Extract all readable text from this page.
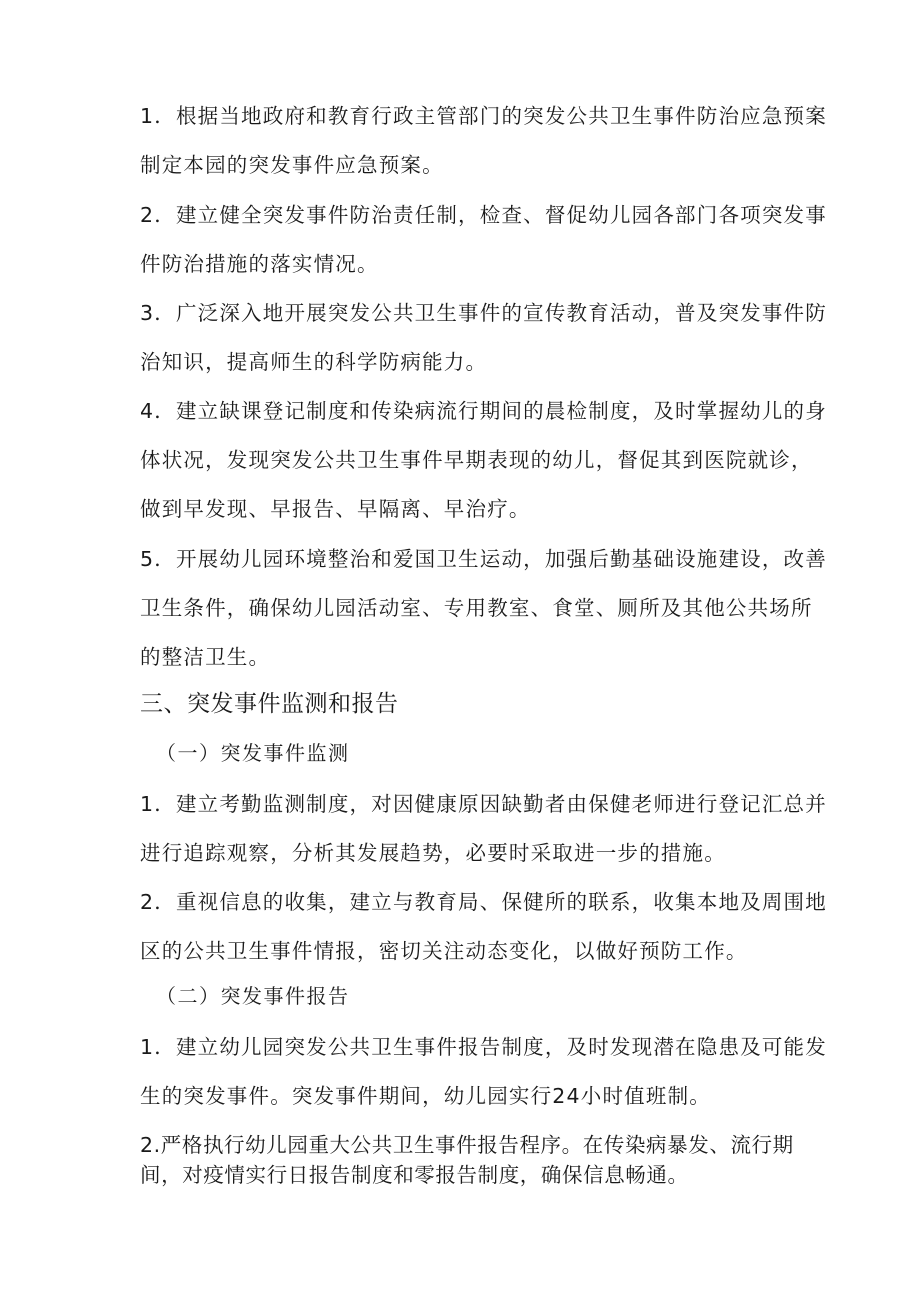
1．根据当地政府和教育行政主管部门的突发公共卫生事件防治应急预案制定本园的突发事件应急预案。

2．建立健全突发事件防治责任制，检查、督促幼儿园各部门各项突发事件防治措施的落实情况。

3．广泛深入地开展突发公共卫生事件的宣传教育活动，普及突发事件防治知识，提高师生的科学防病能力。

4．建立缺课登记制度和传染病流行期间的晨检制度，及时掌握幼儿的身体状况，发现突发公共卫生事件早期表现的幼儿，督促其到医院就诊，做到早发现、早报告、早隔离、早治疗。

5．开展幼儿园环境整治和爱国卫生运动，加强后勤基础设施建设，改善卫生条件，确保幼儿园活动室、专用教室、食堂、厕所及其他公共场所的整洁卫生。

三、突发事件监测和报告
（一）突发事件监测

1．建立考勤监测制度，对因健康原因缺勤者由保健老师进行登记汇总并进行追踪观察，分析其发展趋势，必要时采取进一步的措施。

2．重视信息的收集，建立与教育局、保健所的联系，收集本地及周围地区的公共卫生事件情报，密切关注动态变化，以做好预防工作。

（二）突发事件报告

1．建立幼儿园突发公共卫生事件报告制度，及时发现潜在隐患及可能发生的突发事件。突发事件期间，幼儿园实行24小时值班制。

2.严格执行幼儿园重大公共卫生事件报告程序。在传染病暴发、流行期间，对疫情实行日报告制度和零报告制度，确保信息畅通。
